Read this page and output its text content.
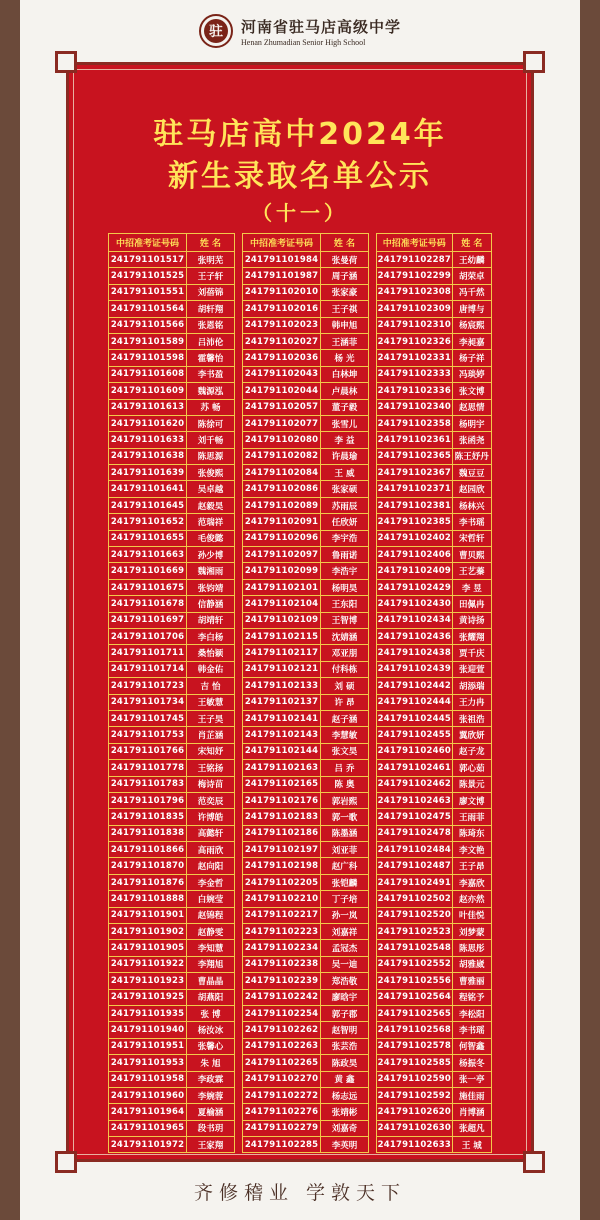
驻	河南省驻马店高级中学
Henan Zhumadian Senior High School
驻马店高中2024年
新生录取名单公示
（十一）
中招准考证号码	姓 名
241791101517	张明芜
241791101525	王子轩
241791101551	刘蓓锦
241791101564	胡轩翔
241791101566	张恩铭
241791101589	吕沛伦
241791101598	霍馨怡
241791101608	李书盈
241791101609	魏源泓
241791101613	苏 畅
241791101620	陈徐可
241791101633	刘千畅
241791101638	陈思源
241791101639	张俊熙
241791101641	吴卓越
241791101645	赵毅昊
241791101652	范瑞祥
241791101655	毛俊懿
241791101663	孙少博
241791101669	魏湘雨
241791101675	张钧靖
241791101678	信静涵
241791101697	胡靖轩
241791101706	李白杨
241791101711	桑怡颖
241791101714	韩金佑
241791101723	吉 怡
241791101734	王敏慧
241791101745	王子昊
241791101753	肖芷涵
241791101766	宋知妤
241791101778	王铭扬
241791101783	梅诗苗
241791101796	范奕辰
241791101835	许博皓
241791101838	高懿轩
241791101866	高雨欣
241791101870	赵向阳
241791101876	李金哲
241791101888	白婉莹
241791101901	赵锦程
241791101902	赵静雯
241791101905	李知慧
241791101922	李翔旭
241791101923	曹晶晶
241791101925	胡燕阳
241791101935	张 博
241791101940	杨汝冰
241791101951	张馨心
241791101953	朱 旭
241791101958	李政霖
241791101960	李婉蓉
241791101964	夏榆涵
241791101965	段书玥
241791101972	王家翔
中招准考证号码	姓 名
241791101984	张曼荷
241791101987	周子涵
241791102010	张家豪
241791102016	王子祺
241791102023	韩申旭
241791102027	王涵菲
241791102036	杨 光
241791102043	白林坤
241791102044	卢晨林
241791102057	董子毅
241791102077	张雪儿
241791102080	李 益
241791102082	许晨瑜
241791102084	王 威
241791102086	张家硕
241791102089	苏雨辰
241791102091	任欣妍
241791102096	李宇浩
241791102097	鲁雨诺
241791102099	李浩宇
241791102101	杨明昊
241791102104	王东阳
241791102109	王智博
241791102115	沈婧涵
241791102117	邓亚朋
241791102121	付科栋
241791102133	刘 硕
241791102137	许 昂
241791102141	赵子涵
241791102143	李慧敏
241791102144	张文昊
241791102163	吕 乔
241791102165	陈 奥
241791102176	郭岩熙
241791102183	郭一歌
241791102186	陈墨涵
241791102197	刘亚菲
241791102198	赵广科
241791102205	张铠麟
241791102210	丁子培
241791102217	孙一岚
241791102223	刘嘉祥
241791102234	孟冠杰
241791102238	吴一迪
241791102239	郑浩敬
241791102242	廖晗宇
241791102254	郭子郡
241791102262	赵智明
241791102263	张芸浩
241791102265	陈政昊
241791102270	黄 鑫
241791102272	杨志远
241791102276	张靖彬
241791102279	刘嘉奇
241791102285	李英明
中招准考证号码	姓 名
241791102287	王幼麟
241791102299	胡荣卓
241791102308	冯千然
241791102309	唐博与
241791102310	杨宸熙
241791102326	李昶嘉
241791102331	杨子祥
241791102333	冯琰婷
241791102336	张文博
241791102340	赵思情
241791102358	杨明宇
241791102361	张函尧
241791102365	陈王妤丹
241791102367	魏豆豆
241791102371	赵园欣
241791102381	杨林兴
241791102385	李书瑶
241791102402	宋哲轩
241791102406	曹贝熙
241791102409	王艺蓁
241791102429	李 昱
241791102430	田佩冉
241791102434	黄诗扬
241791102436	张耀翔
241791102438	贾千庆
241791102439	张迎萱
241791102442	胡添瑞
241791102444	王力冉
241791102445	张祖浩
241791102455	翼欣妍
241791102460	赵子龙
241791102461	郭心茹
241791102462	陈景元
241791102463	廖文博
241791102475	王雨菲
241791102478	陈琦东
241791102484	李文艳
241791102487	王子昂
241791102491	李嘉欣
241791102502	赵亦然
241791102520	叶佳悦
241791102523	刘梦蒙
241791102548	陈思彤
241791102552	胡雅崴
241791102556	曹雅丽
241791102564	程铭予
241791102565	李松阳
241791102568	李书瑶
241791102578	何智鑫
241791102585	杨振冬
241791102590	张一亭
241791102592	施佳雨
241791102620	肖博涵
241791102630	张超凡
241791102633	王 城
齐修稽业 学敦天下
